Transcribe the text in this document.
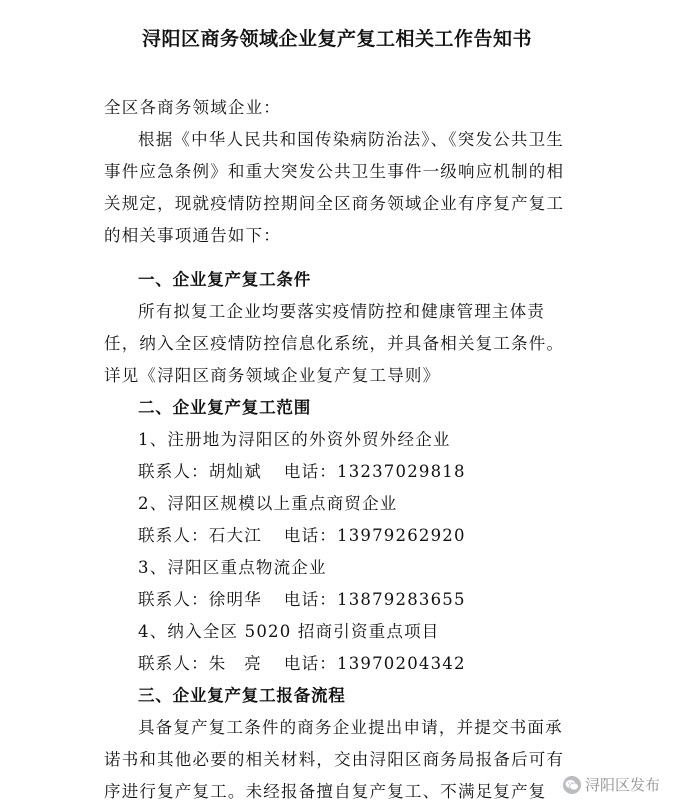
浔阳区商务领域企业复产复工相关工作告知书
全区各商务领域企业：
根据《中华人民共和国传染病防治法》、《突发公共卫生
事件应急条例》和重大突发公共卫生事件一级响应机制的相
关规定，现就疫情防控期间全区商务领域企业有序复产复工
的相关事项通告如下：
一、企业复产复工条件
所有拟复工企业均要落实疫情防控和健康管理主体责
任，纳入全区疫情防控信息化系统，并具备相关复工条件。
详见《浔阳区商务领域企业复产复工导则》
二、企业复产复工范围
1、注册地为浔阳区的外资外贸外经企业
联系人：胡灿斌 电话：13237029818
2、浔阳区规模以上重点商贸企业
联系人：石大江 电话：13979262920
3、浔阳区重点物流企业
联系人：徐明华 电话：13879283655
4、纳入全区 5020 招商引资重点项目
联系人：朱　亮 电话：13970204342
三、企业复产复工报备流程
具备复产复工条件的商务企业提出申请，并提交书面承
诺书和其他必要的相关材料，交由浔阳区商务局报备后可有
序进行复产复工。未经报备擅自复产复工、不满足复产复	浔阳区发布
